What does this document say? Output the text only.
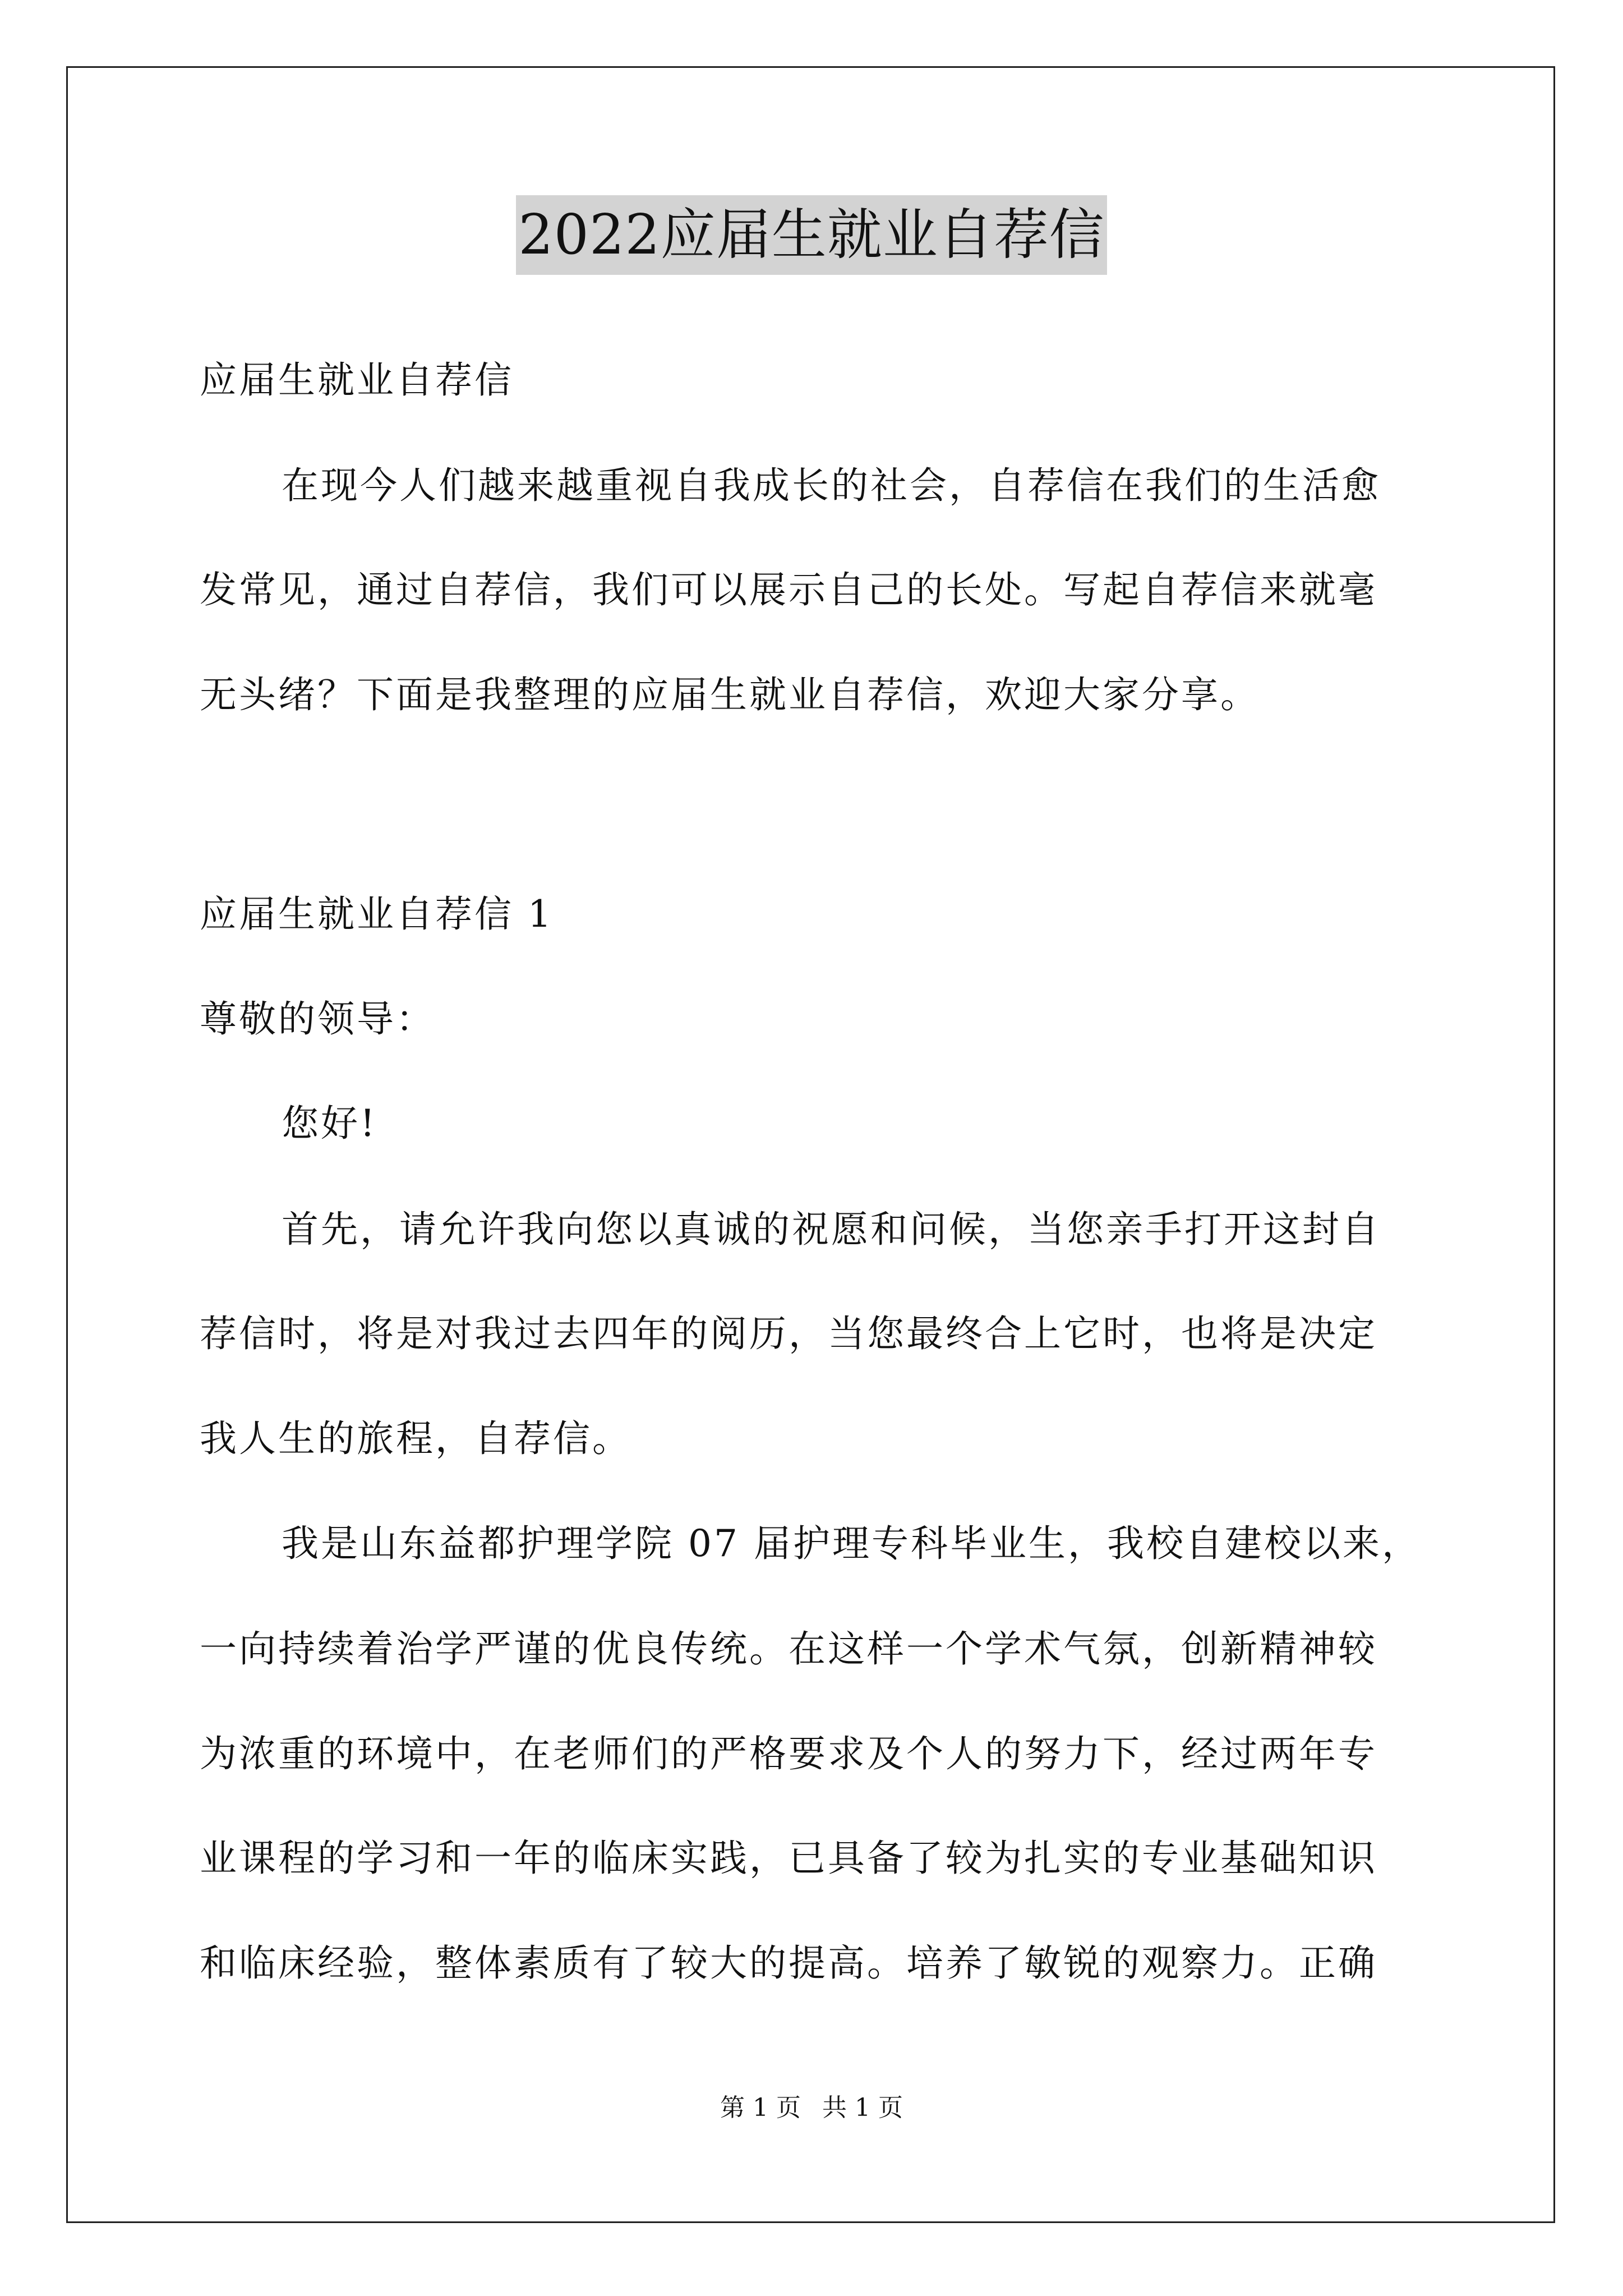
2022应届生就业自荐信
应届生就业自荐信
在现今人们越来越重视自我成长的社会，自荐信在我们的生活愈
发常见，通过自荐信，我们可以展示自己的长处。写起自荐信来就毫
无头绪？下面是我整理的应届生就业自荐信，欢迎大家分享。
应届生就业自荐信 1
尊敬的领导：
您好!
首先，请允许我向您以真诚的祝愿和问候，当您亲手打开这封自
荐信时，将是对我过去四年的阅历，当您最终合上它时，也将是决定
我人生的旅程，自荐信。
我是山东益都护理学院 07 届护理专科毕业生，我校自建校以来，
一向持续着治学严谨的优良传统。在这样一个学术气氛，创新精神较
为浓重的环境中，在老师们的严格要求及个人的努力下，经过两年专
业课程的学习和一年的临床实践，已具备了较为扎实的专业基础知识
和临床经验，整体素质有了较大的提高。培养了敏锐的观察力。正确
第 1 页 共 1 页
